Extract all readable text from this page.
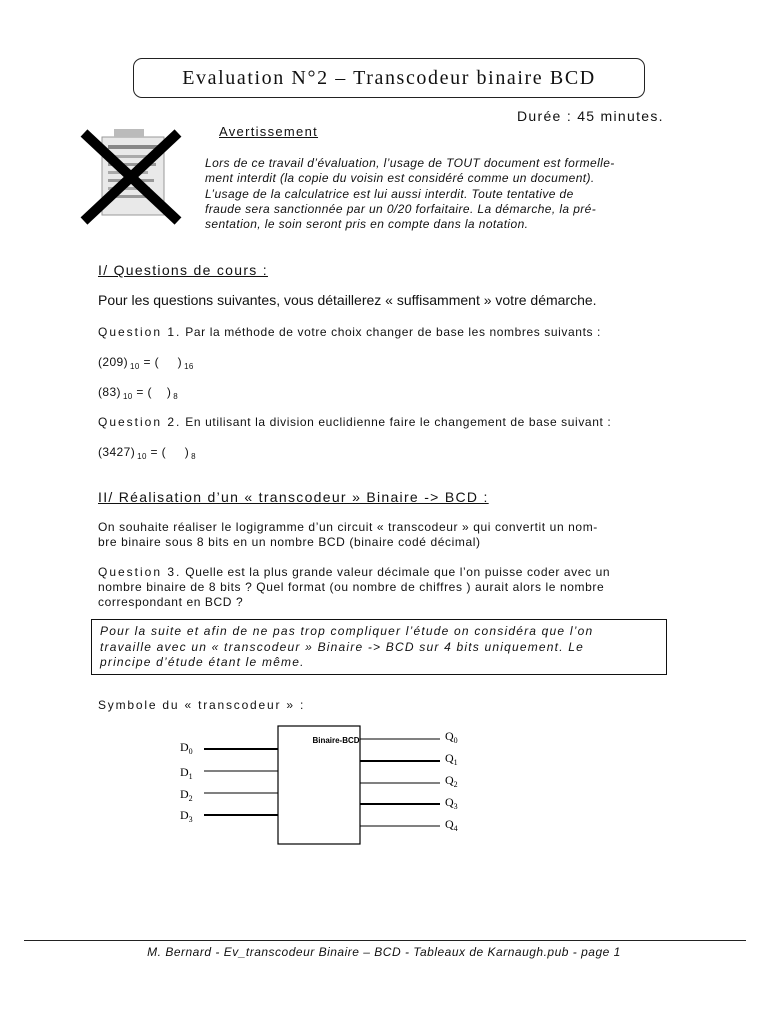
Evaluation N°2 – Transcodeur binaire BCD
Durée : 45 minutes.
Avertissement
Lors de ce travail d’évaluation, l’usage de TOUT document est formelle-
ment interdit (la copie du voisin est considéré comme un document).
L’usage de la calculatrice est lui aussi interdit. Toute tentative de
fraude sera sanctionnée par un 0/20 forfaitaire. La démarche, la pré-
sentation, le soin seront pris en compte dans la notation.
I/ Questions de cours :
Pour les questions suivantes, vous détaillerez « suffisamment » votre démarche.
Question 1. Par la méthode de votre choix changer de base les nombres suivants :
(209) $_{10}$ = (     ) $_{16}$
(83) $_{10}$ = (    ) $_8$
Question 2. En utilisant la division euclidienne faire le changement de base suivant :
(3427) $_{10}$ = (     ) $_8$
II/ Réalisation d’un « transcodeur » Binaire -> BCD :
On souhaite réaliser le logigramme d’un circuit « transcodeur » qui convertit un nom-
bre binaire sous 8 bits en un nombre BCD (binaire codé décimal)
Question 3. Quelle est la plus grande valeur décimale que l’on puisse coder avec un
nombre binaire de 8 bits ? Quel format (ou nombre de chiffres ) aurait alors le nombre
correspondant en BCD ?
Pour la suite et afin de ne pas trop compliquer l’étude on considéra que l’on
travaille avec un « transcodeur » Binaire -> BCD sur 4 bits uniquement. Le
principe d’étude étant le même.
Symbole du « transcodeur » :
Binaire-BCD
$D_0$
$D_1$
$D_2$
$D_3$
$Q_0$
$Q_1$
$Q_2$
$Q_3$
$Q_4$
M. Bernard - Ev_transcodeur Binaire – BCD - Tableaux de Karnaugh.pub - page 1
